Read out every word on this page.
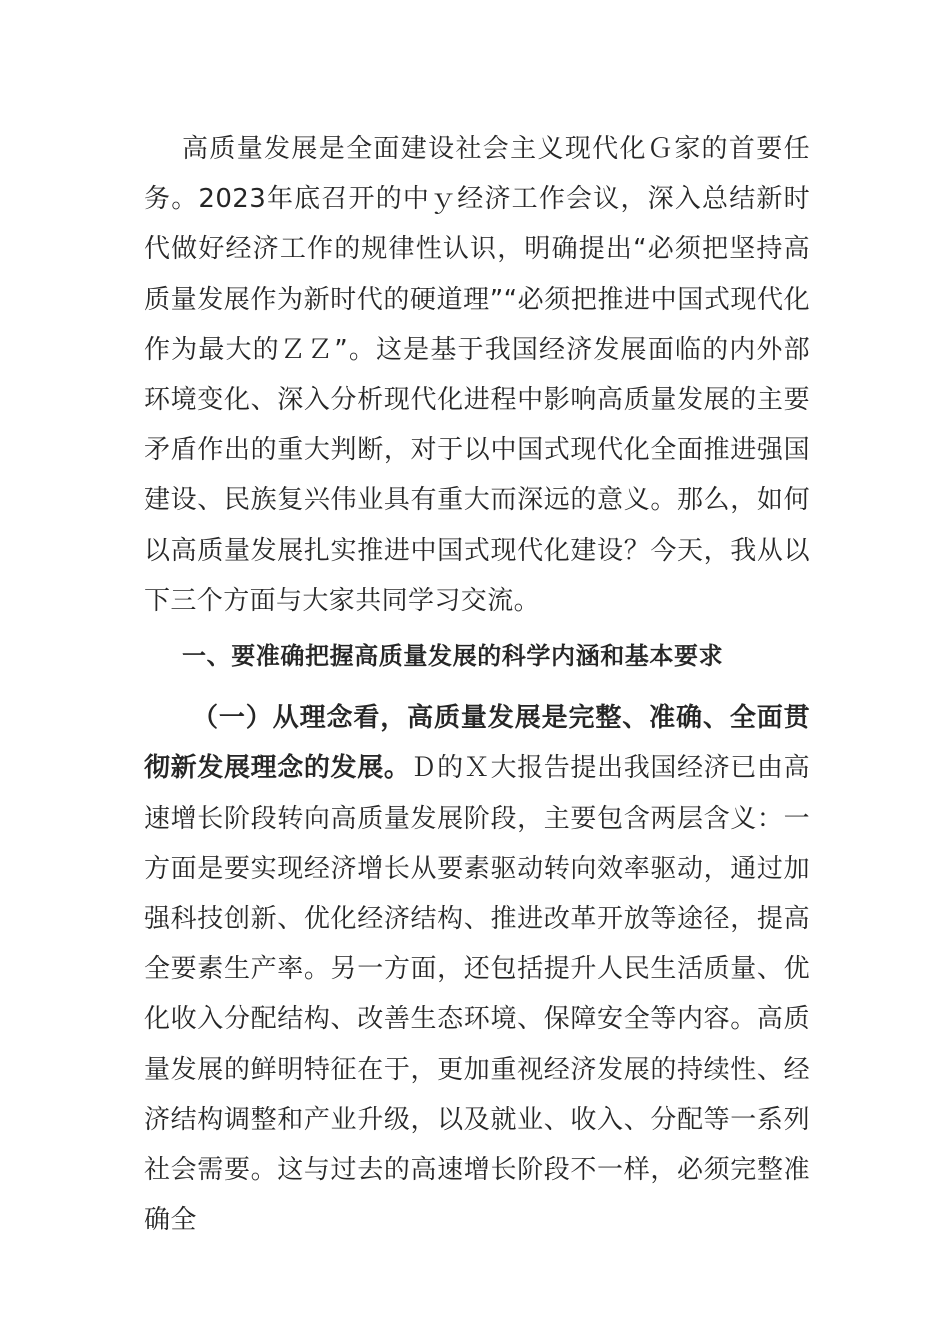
高质量发展是全面建设社会主义现代化Ｇ家的首要任务。2023年底召开的中ｙ经济工作会议，深入总结新时代做好经济工作的规律性认识，明确提出“必须把坚持高质量发展作为新时代的硬道理”“必须把推进中国式现代化作为最大的ＺＺ”。这是基于我国经济发展面临的内外部环境变化、深入分析现代化进程中影响高质量发展的主要矛盾作出的重大判断，对于以中国式现代化全面推进强国建设、民族复兴伟业具有重大而深远的意义。那么，如何以高质量发展扎实推进中国式现代化建设？今天，我从以下三个方面与大家共同学习交流。

一、要准确把握高质量发展的科学内涵和基本要求

（一）从理念看，高质量发展是完整、准确、全面贯彻新发展理念的发展。Ｄ的Ｘ大报告提出我国经济已由高速增长阶段转向高质量发展阶段，主要包含两层含义：一方面是要实现经济增长从要素驱动转向效率驱动，通过加强科技创新、优化经济结构、推进改革开放等途径，提高全要素生产率。另一方面，还包括提升人民生活质量、优化收入分配结构、改善生态环境、保障安全等内容。高质量发展的鲜明特征在于，更加重视经济发展的持续性、经济结构调整和产业升级，以及就业、收入、分配等一系列社会需要。这与过去的高速增长阶段不一样，必须完整准确全
